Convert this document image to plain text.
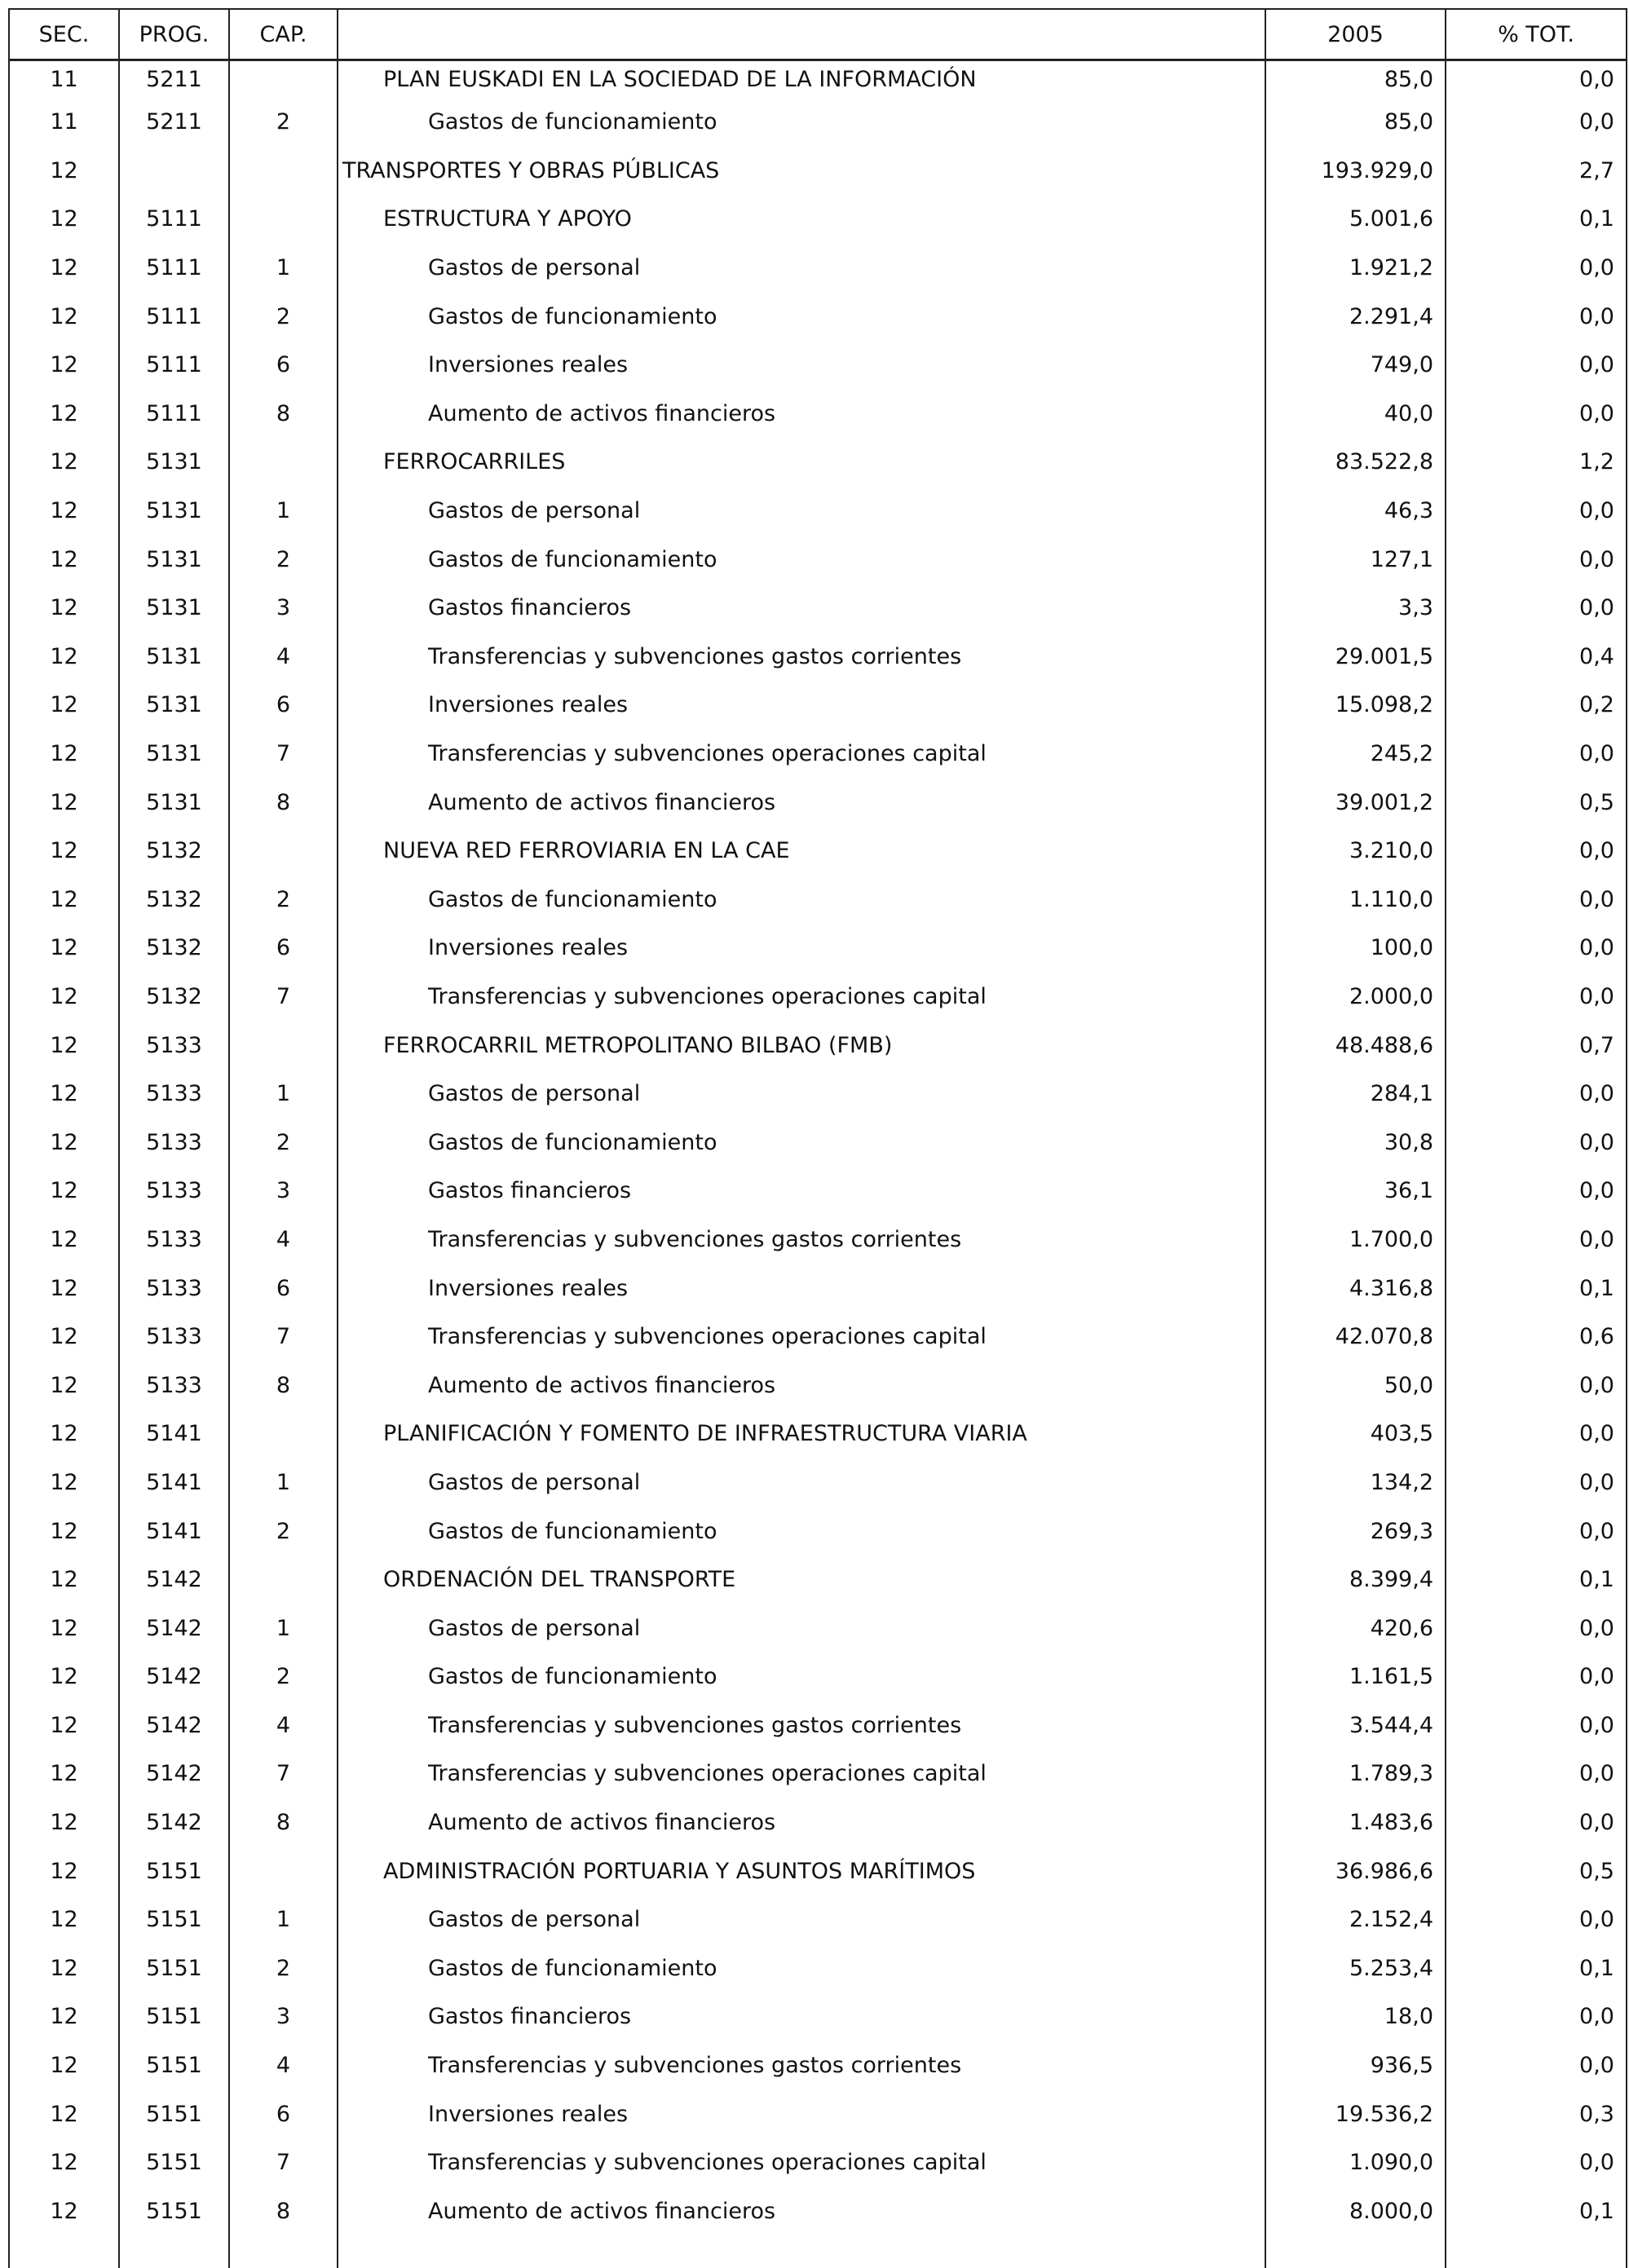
SEC.	PROG.	CAP.		2005	% TOT.
11	5211		PLAN EUSKADI EN LA SOCIEDAD DE LA INFORMACIÓN	85,0	0,0
11	5211	2	Gastos de funcionamiento	85,0	0,0
12			TRANSPORTES Y OBRAS PÚBLICAS	193.929,0	2,7
12	5111		ESTRUCTURA Y APOYO	5.001,6	0,1
12	5111	1	Gastos de personal	1.921,2	0,0
12	5111	2	Gastos de funcionamiento	2.291,4	0,0
12	5111	6	Inversiones reales	749,0	0,0
12	5111	8	Aumento de activos financieros	40,0	0,0
12	5131		FERROCARRILES	83.522,8	1,2
12	5131	1	Gastos de personal	46,3	0,0
12	5131	2	Gastos de funcionamiento	127,1	0,0
12	5131	3	Gastos financieros	3,3	0,0
12	5131	4	Transferencias y subvenciones gastos corrientes	29.001,5	0,4
12	5131	6	Inversiones reales	15.098,2	0,2
12	5131	7	Transferencias y subvenciones operaciones capital	245,2	0,0
12	5131	8	Aumento de activos financieros	39.001,2	0,5
12	5132		NUEVA RED FERROVIARIA EN LA CAE	3.210,0	0,0
12	5132	2	Gastos de funcionamiento	1.110,0	0,0
12	5132	6	Inversiones reales	100,0	0,0
12	5132	7	Transferencias y subvenciones operaciones capital	2.000,0	0,0
12	5133		FERROCARRIL METROPOLITANO BILBAO (FMB)	48.488,6	0,7
12	5133	1	Gastos de personal	284,1	0,0
12	5133	2	Gastos de funcionamiento	30,8	0,0
12	5133	3	Gastos financieros	36,1	0,0
12	5133	4	Transferencias y subvenciones gastos corrientes	1.700,0	0,0
12	5133	6	Inversiones reales	4.316,8	0,1
12	5133	7	Transferencias y subvenciones operaciones capital	42.070,8	0,6
12	5133	8	Aumento de activos financieros	50,0	0,0
12	5141		PLANIFICACIÓN Y FOMENTO DE INFRAESTRUCTURA VIARIA	403,5	0,0
12	5141	1	Gastos de personal	134,2	0,0
12	5141	2	Gastos de funcionamiento	269,3	0,0
12	5142		ORDENACIÓN DEL TRANSPORTE	8.399,4	0,1
12	5142	1	Gastos de personal	420,6	0,0
12	5142	2	Gastos de funcionamiento	1.161,5	0,0
12	5142	4	Transferencias y subvenciones gastos corrientes	3.544,4	0,0
12	5142	7	Transferencias y subvenciones operaciones capital	1.789,3	0,0
12	5142	8	Aumento de activos financieros	1.483,6	0,0
12	5151		ADMINISTRACIÓN PORTUARIA Y ASUNTOS MARÍTIMOS	36.986,6	0,5
12	5151	1	Gastos de personal	2.152,4	0,0
12	5151	2	Gastos de funcionamiento	5.253,4	0,1
12	5151	3	Gastos financieros	18,0	0,0
12	5151	4	Transferencias y subvenciones gastos corrientes	936,5	0,0
12	5151	6	Inversiones reales	19.536,2	0,3
12	5151	7	Transferencias y subvenciones operaciones capital	1.090,0	0,0
12	5151	8	Aumento de activos financieros	8.000,0	0,1
